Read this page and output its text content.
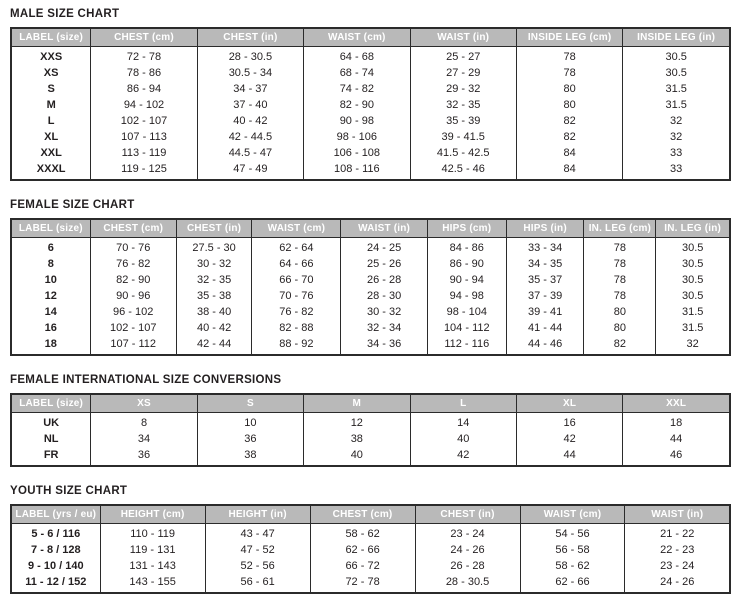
MALE SIZE CHART
LABEL (size)	CHEST (cm)	CHEST (in)	WAIST (cm)	WAIST (in)	INSIDE LEG (cm)	INSIDE LEG (in)
XXS	72 - 78	28 - 30.5	64 - 68	25 - 27	78	30.5
XS	78 - 86	30.5 - 34	68 - 74	27 - 29	78	30.5
S	86 - 94	34 - 37	74 - 82	29 - 32	80	31.5
M	94 - 102	37 - 40	82 - 90	32 - 35	80	31.5
L	102 - 107	40 - 42	90 - 98	35 - 39	82	32
XL	107 - 113	42 - 44.5	98 - 106	39 - 41.5	82	32
XXL	113 - 119	44.5 - 47	106 - 108	41.5 - 42.5	84	33
XXXL	119 - 125	47 - 49	108 - 116	42.5 - 46	84	33
FEMALE SIZE CHART
LABEL (size)	CHEST (cm)	CHEST (in)	WAIST (cm)	WAIST (in)	HIPS (cm)	HIPS (in)	IN. LEG (cm)	IN. LEG (in)
6	70 - 76	27.5 - 30	62 - 64	24 - 25	84 - 86	33 - 34	78	30.5
8	76 - 82	30 - 32	64 - 66	25 - 26	86 - 90	34 - 35	78	30.5
10	82 - 90	32 - 35	66 - 70	26 - 28	90 - 94	35 - 37	78	30.5
12	90 - 96	35 - 38	70 - 76	28 - 30	94 - 98	37 - 39	78	30.5
14	96 - 102	38 - 40	76 - 82	30 - 32	98 - 104	39 - 41	80	31.5
16	102 - 107	40 - 42	82 - 88	32 - 34	104 - 112	41 - 44	80	31.5
18	107 - 112	42 - 44	88 - 92	34 - 36	112 - 116	44 - 46	82	32
FEMALE INTERNATIONAL SIZE CONVERSIONS
LABEL (size)	XS	S	M	L	XL	XXL
UK	8	10	12	14	16	18
NL	34	36	38	40	42	44
FR	36	38	40	42	44	46
YOUTH SIZE CHART
LABEL (yrs / eu)	HEIGHT (cm)	HEIGHT (in)	CHEST (cm)	CHEST (in)	WAIST (cm)	WAIST (in)
5 - 6 / 116	110 - 119	43 - 47	58 - 62	23 - 24	54 - 56	21 - 22
7 - 8 / 128	119 - 131	47 - 52	62 - 66	24 - 26	56 - 58	22 - 23
9 - 10 / 140	131 - 143	52 - 56	66 - 72	26 - 28	58 - 62	23 - 24
11 - 12 / 152	143 - 155	56 - 61	72 - 78	28 - 30.5	62 - 66	24 - 26
